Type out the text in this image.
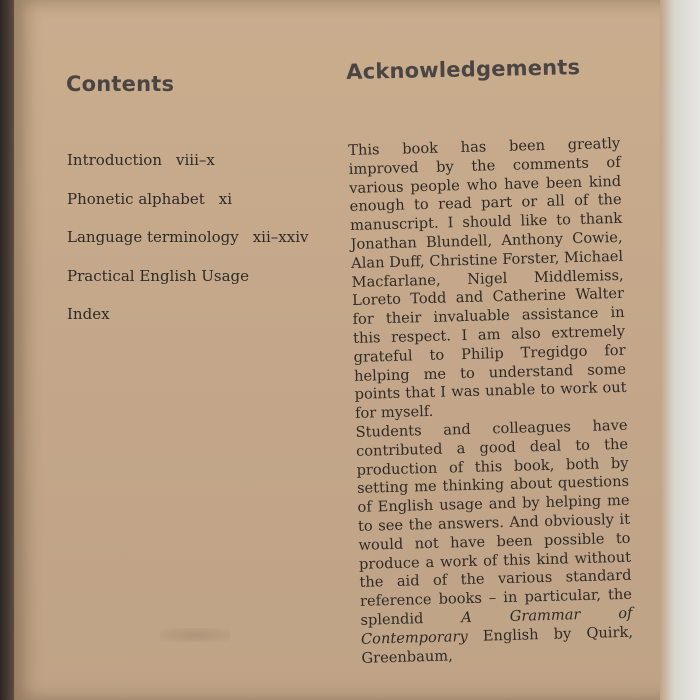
Contents
Introduction viii–x
Phonetic alphabet xi
Language terminology xii–xxiv
Practical English Usage
Index
Acknowledgements

This book has been greatly improved by the comments of various people who have been kind enough to read part or all of the manuscript. I should like to thank Jonathan Blundell, Anthony Cowie, Alan Duff, Christine Forster, Michael Macfarlane, Nigel Middlemiss, Loreto Todd and Catherine Walter for their invaluable assistance in this respect. I am also extremely grateful to Philip Tregidgo for helping me to understand some points that I was unable to work out for myself.

Students and colleagues have contributed a good deal to the production of this book, both by setting me thinking about questions of English usage and by helping me to see the answers. And obviously it would not have been possible to produce a work of this kind without the aid of the various standard reference books – in particular, the splendid	A Grammar of Contemporary English by Quirk, Greenbaum,
